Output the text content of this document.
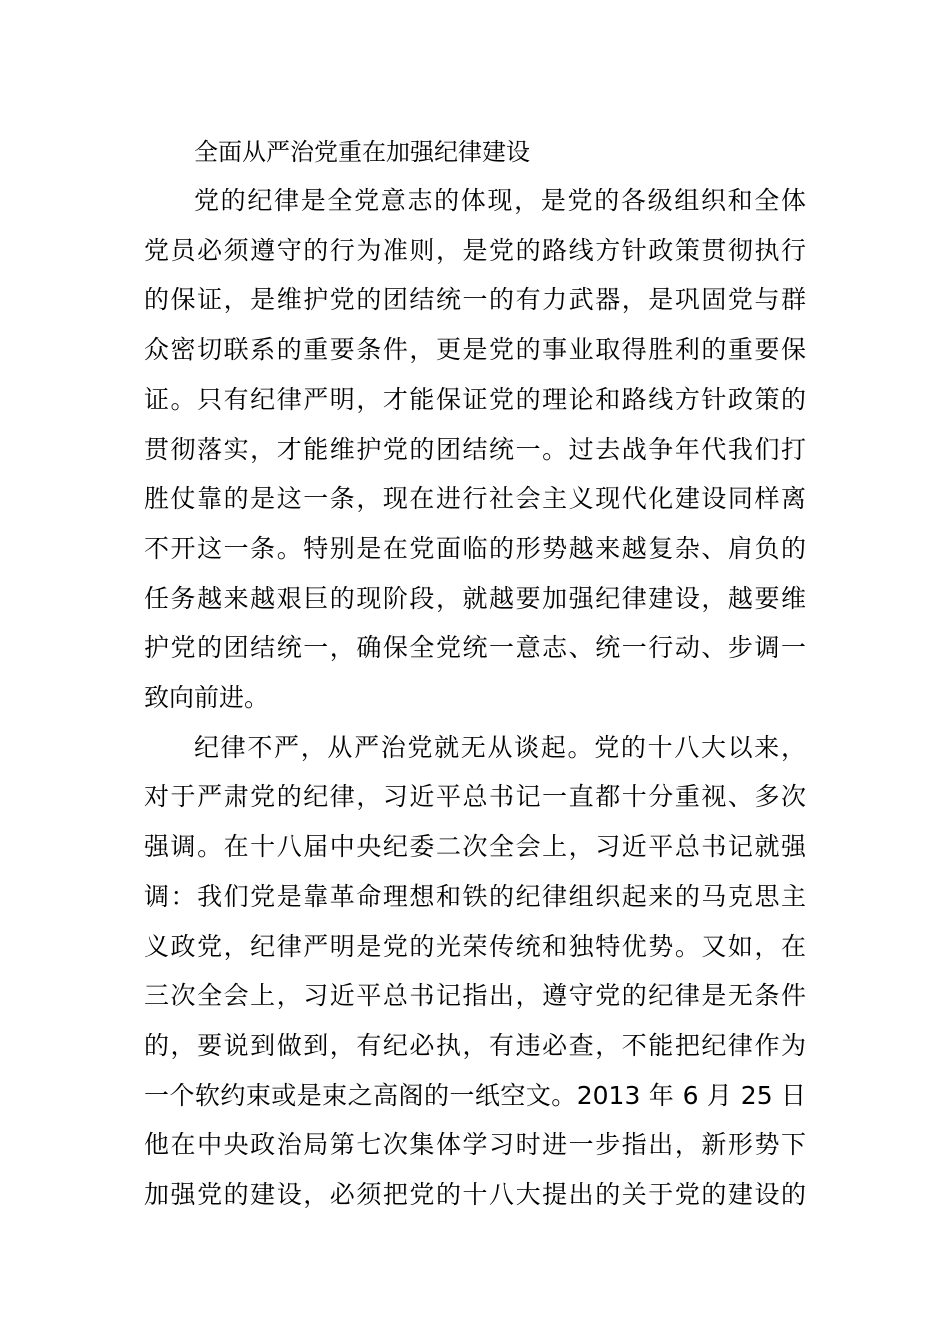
全面从严治党重在加强纪律建设
党的纪律是全党意志的体现，是党的各级组织和全体
党员必须遵守的行为准则，是党的路线方针政策贯彻执行
的保证，是维护党的团结统一的有力武器，是巩固党与群
众密切联系的重要条件，更是党的事业取得胜利的重要保
证。只有纪律严明，才能保证党的理论和路线方针政策的
贯彻落实，才能维护党的团结统一。过去战争年代我们打
胜仗靠的是这一条，现在进行社会主义现代化建设同样离
不开这一条。特别是在党面临的形势越来越复杂、肩负的
任务越来越艰巨的现阶段，就越要加强纪律建设，越要维
护党的团结统一，确保全党统一意志、统一行动、步调一
致向前进。
纪律不严，从严治党就无从谈起。党的十八大以来，
对于严肃党的纪律，习近平总书记一直都十分重视、多次
强调。在十八届中央纪委二次全会上，习近平总书记就强
调：我们党是靠革命理想和铁的纪律组织起来的马克思主
义政党，纪律严明是党的光荣传统和独特优势。又如，在
三次全会上，习近平总书记指出，遵守党的纪律是无条件
的，要说到做到，有纪必执，有违必查，不能把纪律作为
一个软约束或是束之高阁的一纸空文。2013 年 6 月 25 日
他在中央政治局第七次集体学习时进一步指出，新形势下
加强党的建设，必须把党的十八大提出的关于党的建设的
